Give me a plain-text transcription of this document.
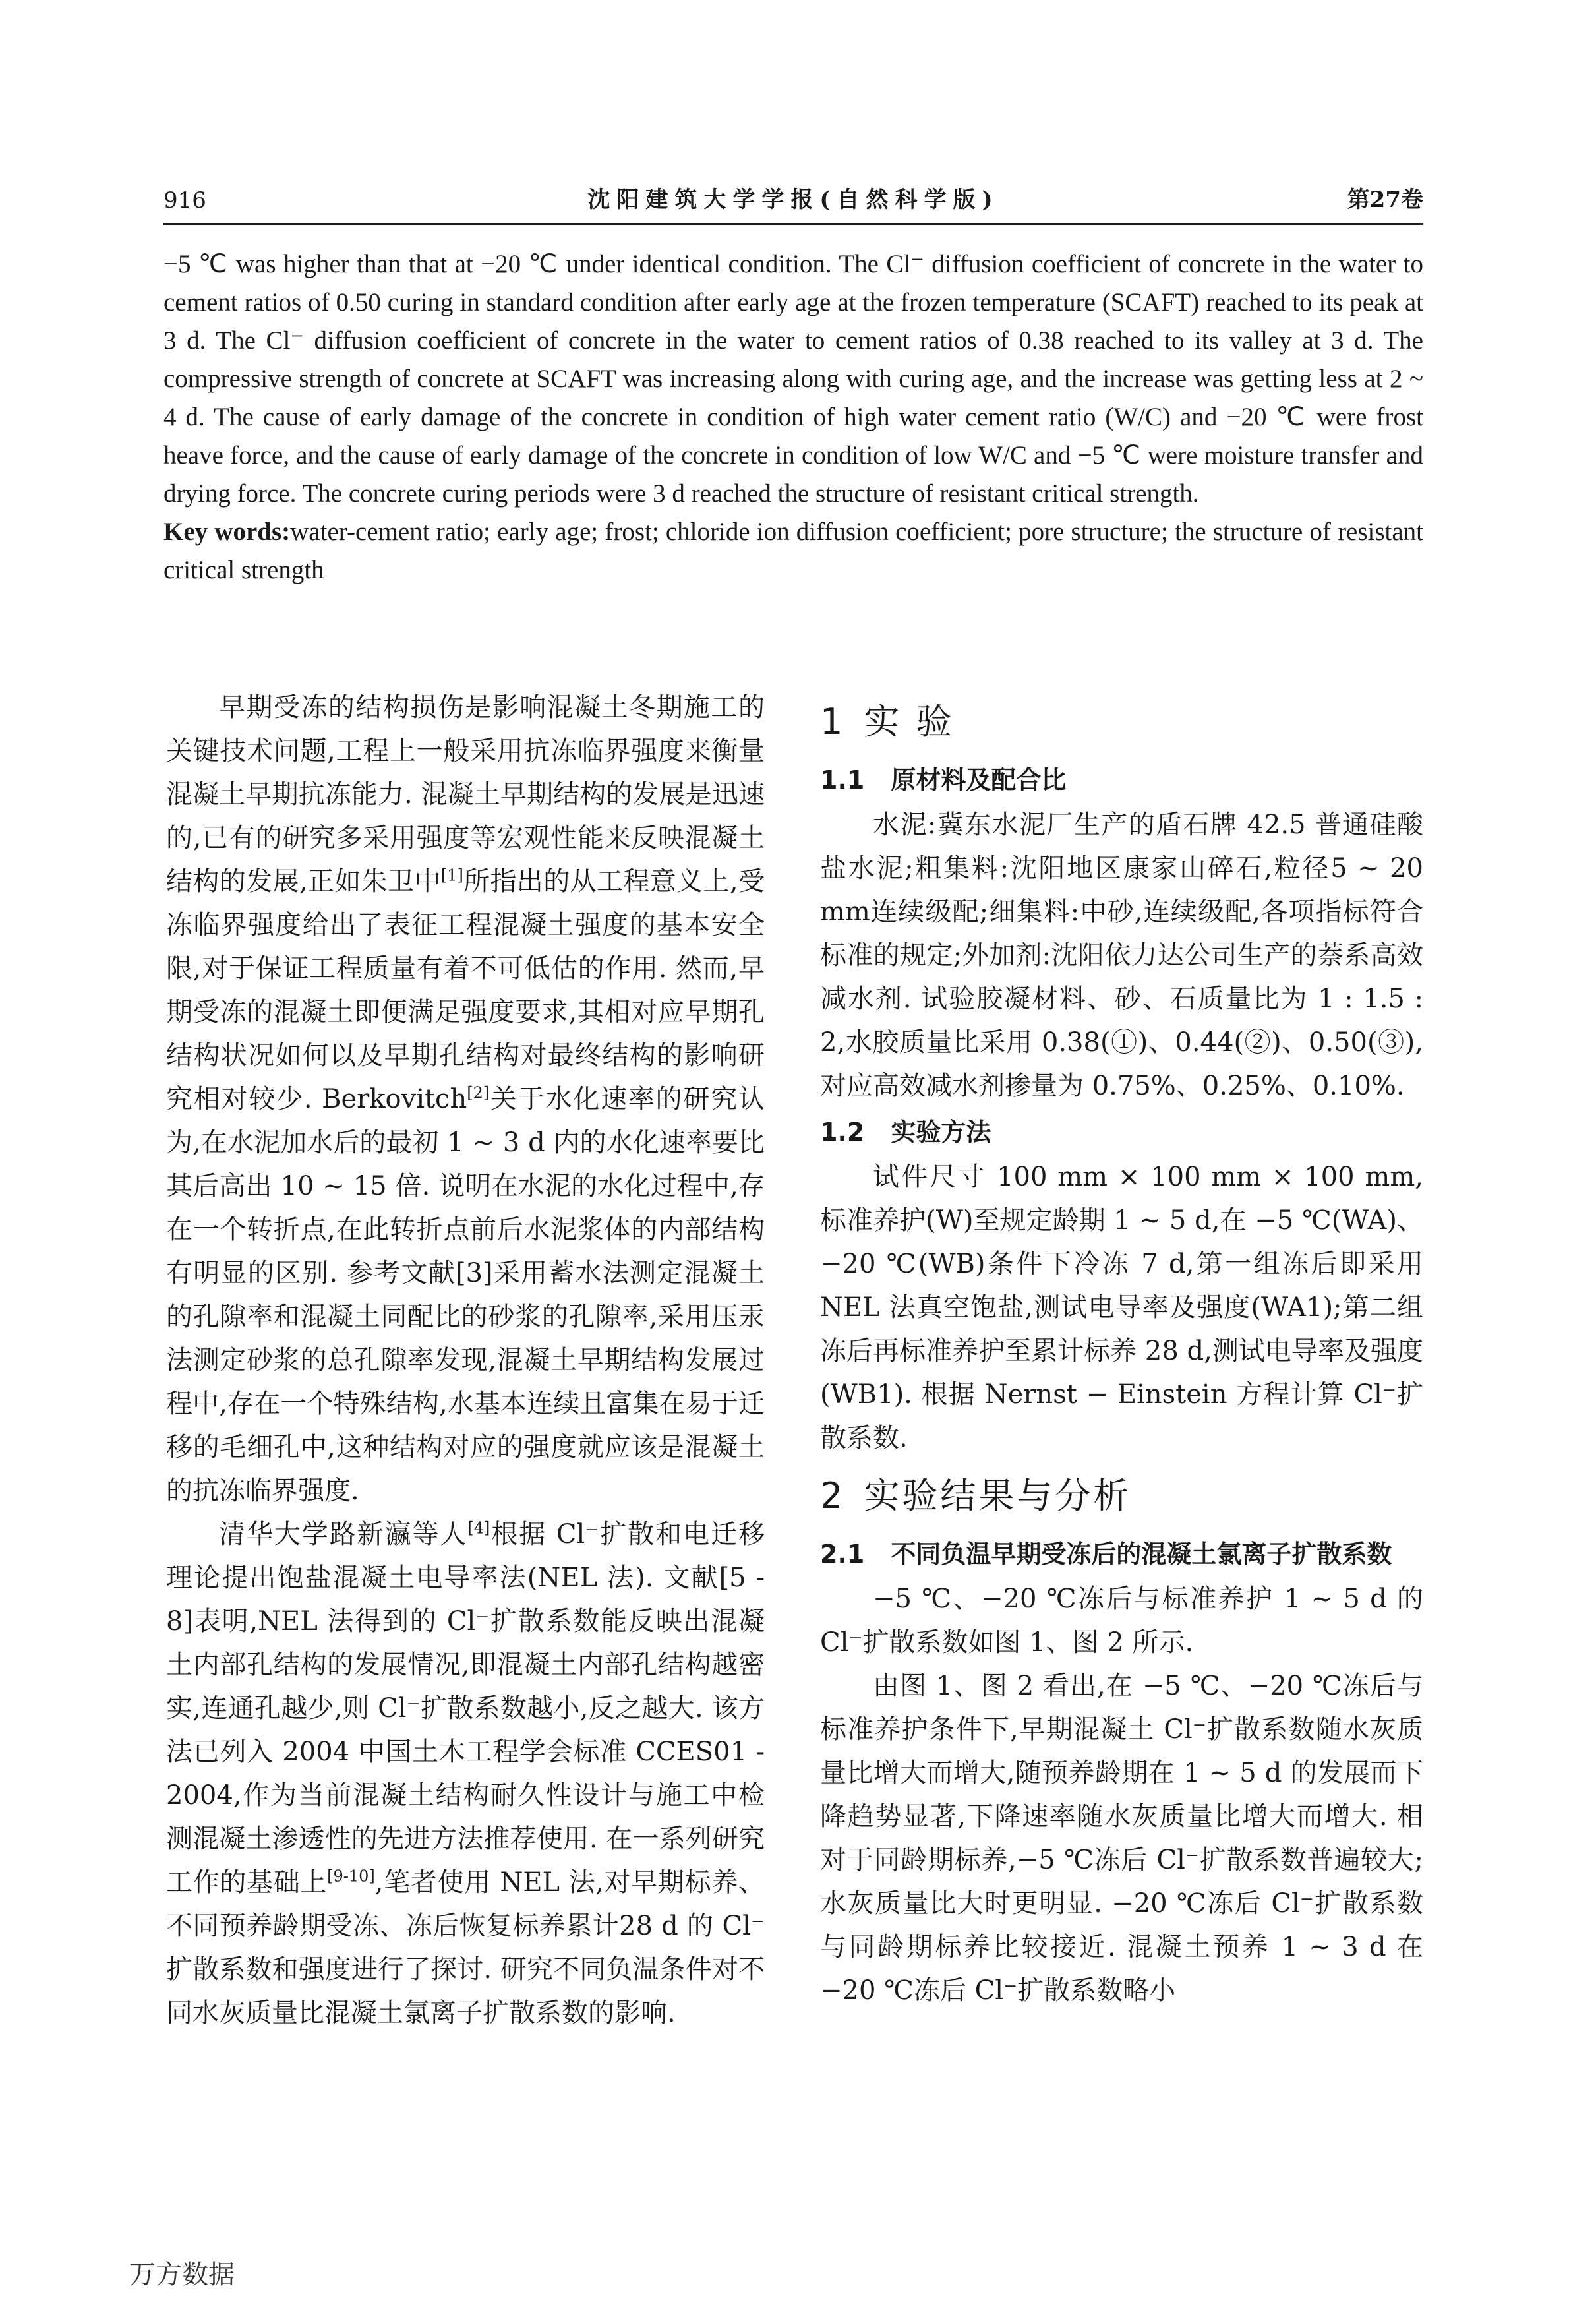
916	沈阳建筑大学学报(自然科学版)	第27卷

−5 ℃ was higher than that at −20 ℃ under identical condition. The Cl⁻ diffusion coefficient of concrete in the water to cement ratios of 0.50 curing in standard condition after early age at the frozen temperature (SCAFT) reached to its peak at 3 d. The Cl⁻ diffusion coefficient of concrete in the water to cement ratios of 0.38 reached to its valley at 3 d. The compressive strength of concrete at SCAFT was increasing along with curing age, and the increase was getting less at 2 ~ 4 d. The cause of early damage of the concrete in condition of high water cement ratio (W/C) and −20 ℃ were frost heave force, and the cause of early damage of the concrete in condition of low W/C and −5 ℃ were moisture transfer and drying force. The concrete curing periods were 3 d reached the structure of resistant critical strength.

Key words:water-cement ratio; early age; frost; chloride ion diffusion coefficient; pore structure; the structure of resistant critical strength

早期受冻的结构损伤是影响混凝土冬期施工的关键技术问题,工程上一般采用抗冻临界强度来衡量混凝土早期抗冻能力. 混凝土早期结构的发展是迅速的,已有的研究多采用强度等宏观性能来反映混凝土结构的发展,正如朱卫中[1]所指出的从工程意义上,受冻临界强度给出了表征工程混凝土强度的基本安全限,对于保证工程质量有着不可低估的作用. 然而,早期受冻的混凝土即便满足强度要求,其相对应早期孔结构状况如何以及早期孔结构对最终结构的影响研究相对较少. Berkovitch[2]关于水化速率的研究认为,在水泥加水后的最初 1 ~ 3 d 内的水化速率要比其后高出 10 ~ 15 倍. 说明在水泥的水化过程中,存在一个转折点,在此转折点前后水泥浆体的内部结构有明显的区别. 参考文献[3]采用蓄水法测定混凝土的孔隙率和混凝土同配比的砂浆的孔隙率,采用压汞法测定砂浆的总孔隙率发现,混凝土早期结构发展过程中,存在一个特殊结构,水基本连续且富集在易于迁移的毛细孔中,这种结构对应的强度就应该是混凝土的抗冻临界强度.

清华大学路新瀛等人[4]根据 Cl⁻扩散和电迁移理论提出饱盐混凝土电导率法(NEL 法). 文献[5 - 8]表明,NEL 法得到的 Cl⁻扩散系数能反映出混凝土内部孔结构的发展情况,即混凝土内部孔结构越密实,连通孔越少,则 Cl⁻扩散系数越小,反之越大. 该方法已列入 2004 中国土木工程学会标准 CCES01 - 2004,作为当前混凝土结构耐久性设计与施工中检测混凝土渗透性的先进方法推荐使用. 在一系列研究工作的基础上[9-10],笔者使用 NEL 法,对早期标养、不同预养龄期受冻、冻后恢复标养累计28 d 的 Cl⁻扩散系数和强度进行了探讨. 研究不同负温条件对不同水灰质量比混凝土氯离子扩散系数的影响.

1 实 验
1.1 原材料及配合比

水泥:冀东水泥厂生产的盾石牌 42.5 普通硅酸盐水泥;粗集料:沈阳地区康家山碎石,粒径5 ~ 20 mm连续级配;细集料:中砂,连续级配,各项指标符合标准的规定;外加剂:沈阳依力达公司生产的萘系高效减水剂. 试验胶凝材料、砂、石质量比为 1 : 1.5 : 2,水胶质量比采用 0.38(①)、0.44(②)、0.50(③),对应高效减水剂掺量为 0.75%、0.25%、0.10%.

1.2 实验方法

试件尺寸 100 mm × 100 mm × 100 mm,标准养护(W)至规定龄期 1 ~ 5 d,在 −5 ℃(WA)、−20 ℃(WB)条件下冷冻 7 d,第一组冻后即采用 NEL 法真空饱盐,测试电导率及强度(WA1);第二组冻后再标准养护至累计标养 28 d,测试电导率及强度(WB1). 根据 Nernst − Einstein 方程计算 Cl⁻扩散系数.

2 实验结果与分析
2.1 不同负温早期受冻后的混凝土氯离子扩散系数

−5 ℃、−20 ℃冻后与标准养护 1 ~ 5 d 的 Cl⁻扩散系数如图 1、图 2 所示.

由图 1、图 2 看出,在 −5 ℃、−20 ℃冻后与标准养护条件下,早期混凝土 Cl⁻扩散系数随水灰质量比增大而增大,随预养龄期在 1 ~ 5 d 的发展而下降趋势显著,下降速率随水灰质量比增大而增大. 相对于同龄期标养,−5 ℃冻后 Cl⁻扩散系数普遍较大;水灰质量比大时更明显. −20 ℃冻后 Cl⁻扩散系数与同龄期标养比较接近. 混凝土预养 1 ~ 3 d 在 −20 ℃冻后 Cl⁻扩散系数略小

万方数据
